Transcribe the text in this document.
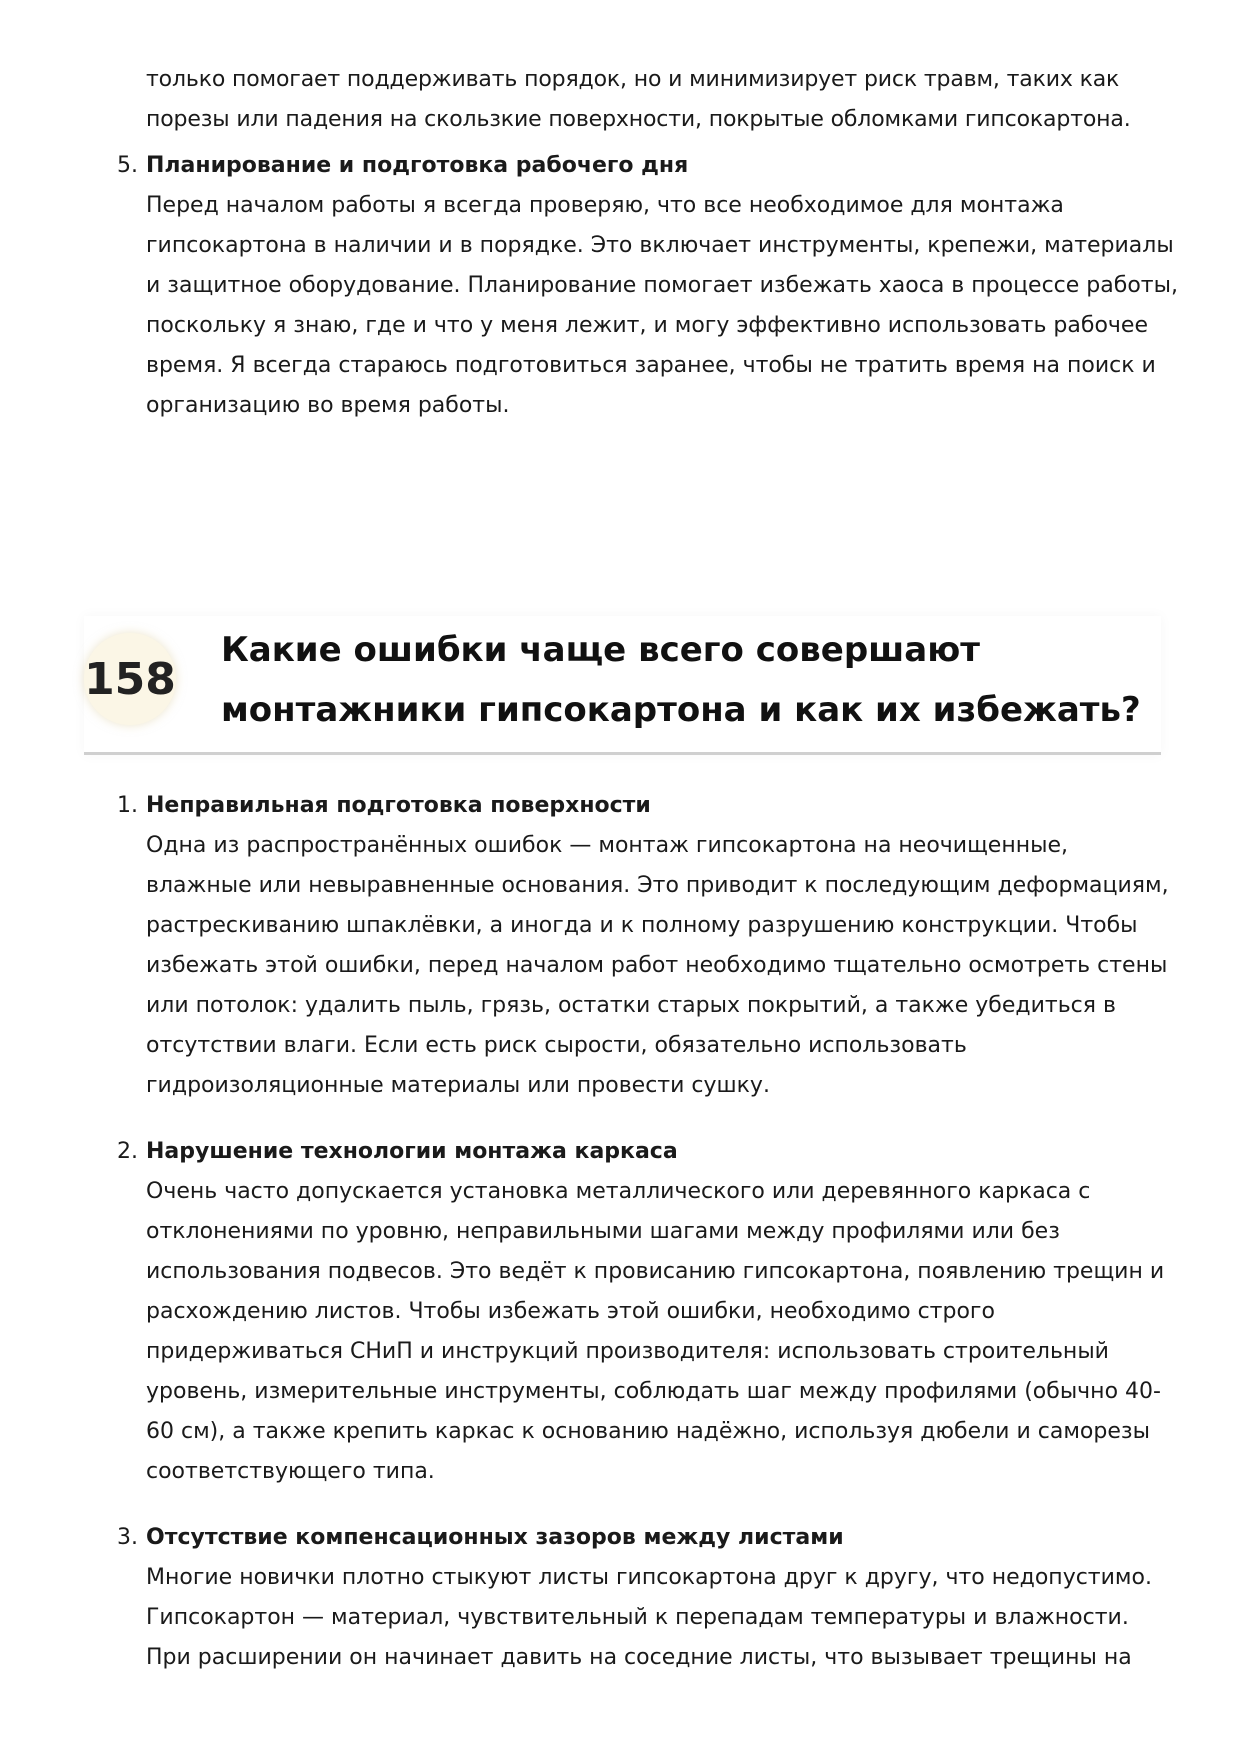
только помогает поддерживать порядок, но и минимизирует риск травм, таких как порезы или падения на скользкие поверхности, покрытые обломками гипсокартона.

5. Планирование и подготовка рабочего дня
Перед началом работы я всегда проверяю, что все необходимое для монтажа гипсокартона в наличии и в порядке. Это включает инструменты, крепежи, материалы и защитное оборудование. Планирование помогает избежать хаоса в процессе работы, поскольку я знаю, где и что у меня лежит, и могу эффективно использовать рабочее время. Я всегда стараюсь подготовиться заранее, чтобы не тратить время на поиск и организацию во время работы.
158
Какие ошибки чаще всего совершают монтажники гипсокартона и как их избежать?
1. Неправильная подготовка поверхности
Одна из распространённых ошибок — монтаж гипсокартона на неочищенные, влажные или невыравненные основания. Это приводит к последующим деформациям, растрескиванию шпаклёвки, а иногда и к полному разрушению конструкции. Чтобы избежать этой ошибки, перед началом работ необходимо тщательно осмотреть стены или потолок: удалить пыль, грязь, остатки старых покрытий, а также убедиться в отсутствии влаги. Если есть риск сырости, обязательно использовать гидроизоляционные материалы или провести сушку.
2. Нарушение технологии монтажа каркаса
Очень часто допускается установка металлического или деревянного каркаса с отклонениями по уровню, неправильными шагами между профилями или без использования подвесов. Это ведёт к провисанию гипсокартона, появлению трещин и расхождению листов. Чтобы избежать этой ошибки, необходимо строго придерживаться СНиП и инструкций производителя: использовать строительный уровень, измерительные инструменты, соблюдать шаг между профилями (обычно 40-60 см), а также крепить каркас к основанию надёжно, используя дюбели и саморезы соответствующего типа.
3. Отсутствие компенсационных зазоров между листами
Многие новички плотно стыкуют листы гипсокартона друг к другу, что недопустимо. Гипсокартон — материал, чувствительный к перепадам температуры и влажности. При расширении он начинает давить на соседние листы, что вызывает трещины на
